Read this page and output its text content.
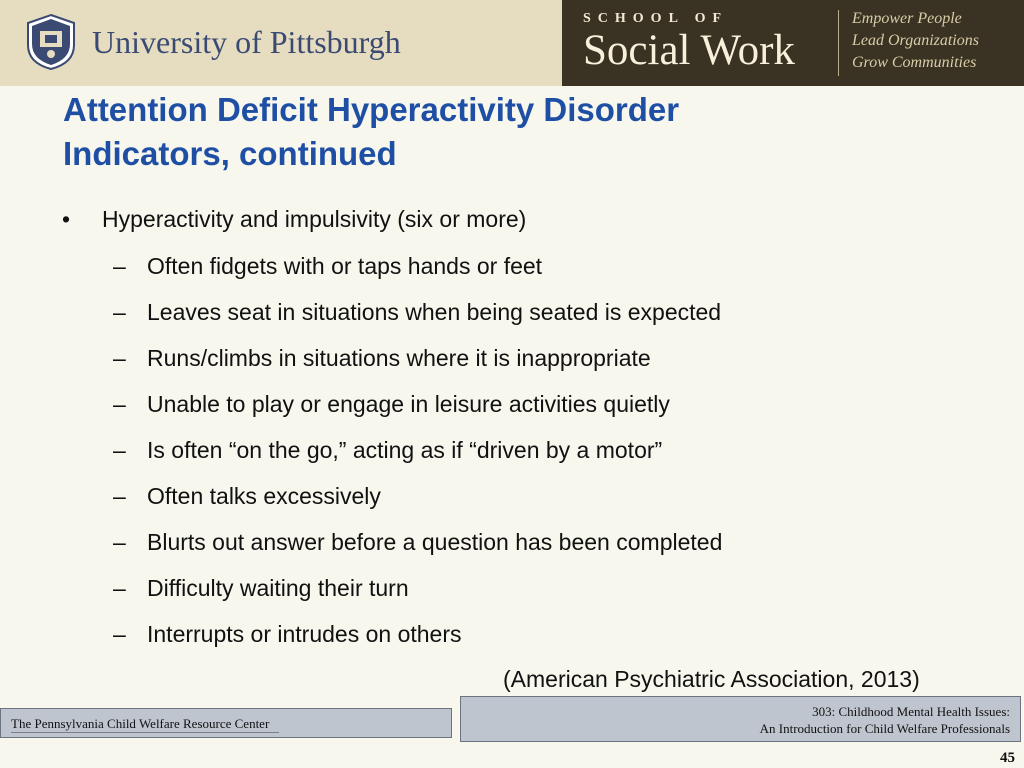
University of Pittsburgh
SCHOOL OF
Social Work
Empower People
Lead Organizations
Grow Communities
Attention Deficit Hyperactivity Disorder
Indicators, continued
• Hyperactivity and impulsivity (six or more)
– Often fidgets with or taps hands or feet
– Leaves seat in situations when being seated is expected
– Runs/climbs in situations where it is inappropriate
– Unable to play or engage in leisure activities quietly
– Is often “on the go,” acting as if “driven by a motor”
– Often talks excessively
– Blurts out answer before a question has been completed
– Difficulty waiting their turn
– Interrupts or intrudes on others
(American Psychiatric Association, 2013)
The Pennsylvania Child Welfare Resource Center
303: Childhood Mental Health Issues:
An Introduction for Child Welfare Professionals
45
